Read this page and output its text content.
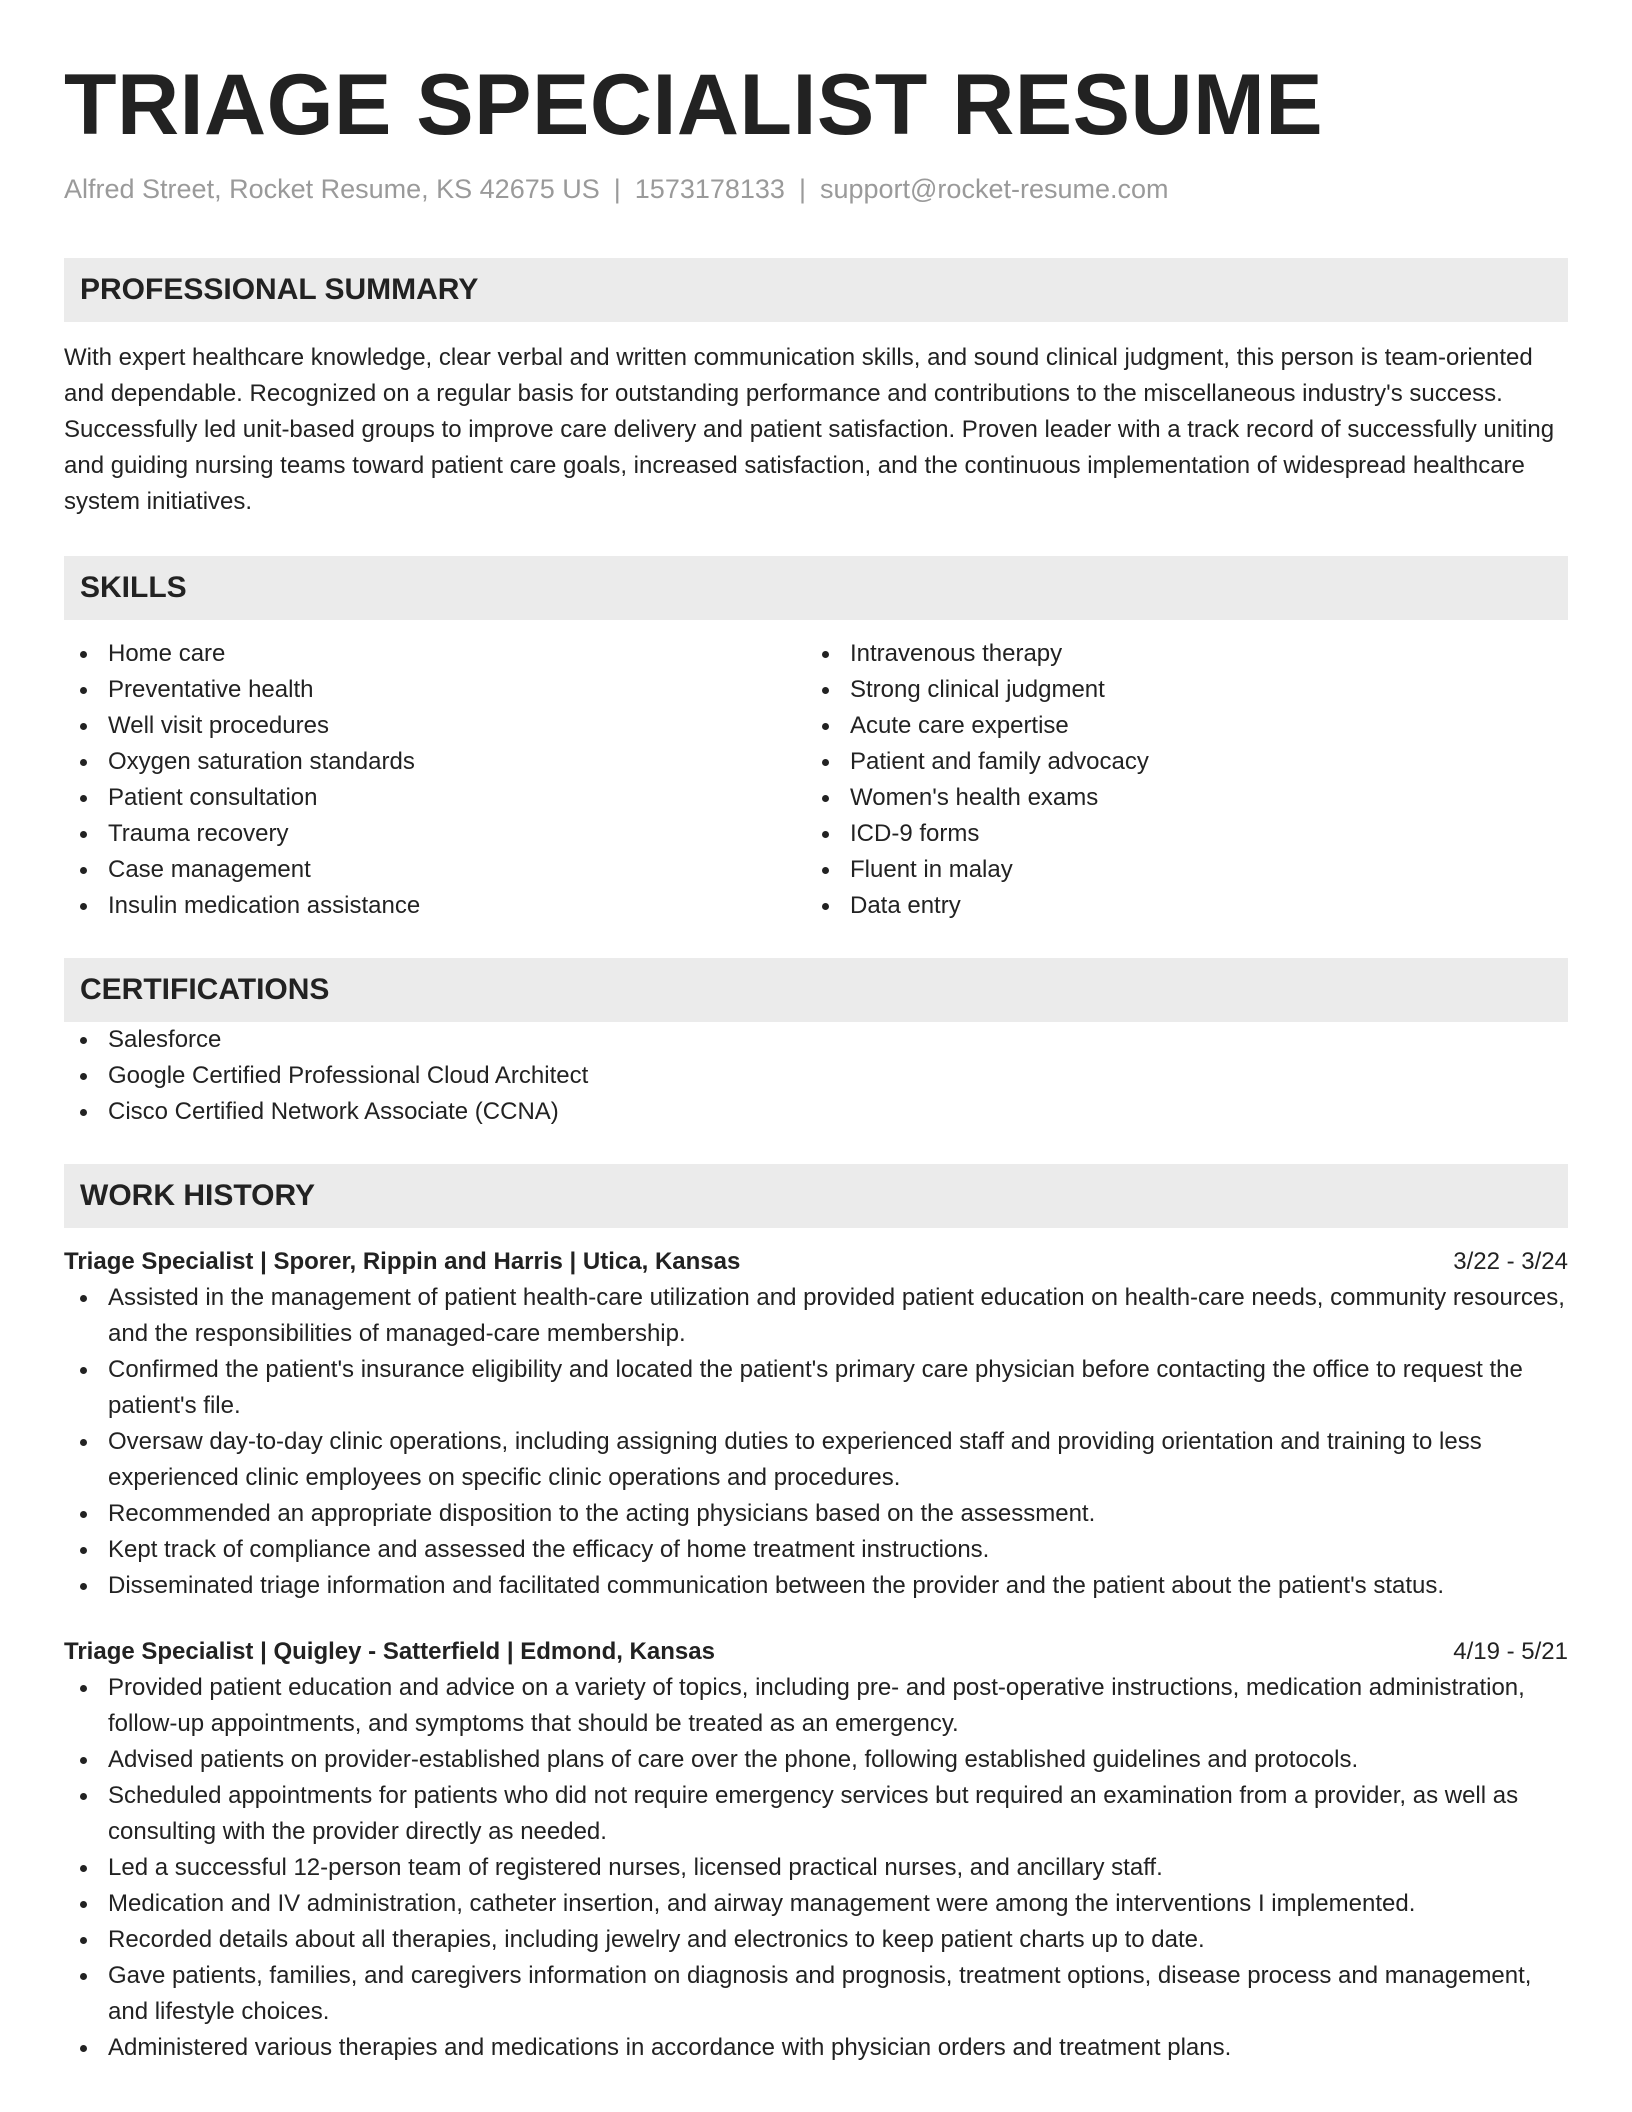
TRIAGE SPECIALIST RESUME
Alfred Street, Rocket Resume, KS 42675 US | 1573178133 | support@rocket-resume.com
PROFESSIONAL SUMMARY

With expert healthcare knowledge, clear verbal and written communication skills, and sound clinical judgment, this person is team-oriented and dependable. Recognized on a regular basis for outstanding performance and contributions to the miscellaneous industry's success. Successfully led unit-based groups to improve care delivery and patient satisfaction. Proven leader with a track record of successfully uniting and guiding nursing teams toward patient care goals, increased satisfaction, and the continuous implementation of widespread healthcare system initiatives.

SKILLS
Home care
Preventative health
Well visit procedures
Oxygen saturation standards
Patient consultation
Trauma recovery
Case management
Insulin medication assistance
Intravenous therapy
Strong clinical judgment
Acute care expertise
Patient and family advocacy
Women's health exams
ICD-9 forms
Fluent in malay
Data entry
CERTIFICATIONS
Salesforce
Google Certified Professional Cloud Architect
Cisco Certified Network Associate (CCNA)
WORK HISTORY
Triage Specialist | Sporer, Rippin and Harris | Utica, Kansas	3/22 - 3/24
Assisted in the management of patient health-care utilization and provided patient education on health-care needs, community resources, and the responsibilities of managed-care membership.
Confirmed the patient's insurance eligibility and located the patient's primary care physician before contacting the office to request the patient's file.
Oversaw day-to-day clinic operations, including assigning duties to experienced staff and providing orientation and training to less experienced clinic employees on specific clinic operations and procedures.
Recommended an appropriate disposition to the acting physicians based on the assessment.
Kept track of compliance and assessed the efficacy of home treatment instructions.
Disseminated triage information and facilitated communication between the provider and the patient about the patient's status.
Triage Specialist | Quigley - Satterfield | Edmond, Kansas	4/19 - 5/21
Provided patient education and advice on a variety of topics, including pre- and post-operative instructions, medication administration, follow-up appointments, and symptoms that should be treated as an emergency.
Advised patients on provider-established plans of care over the phone, following established guidelines and protocols.
Scheduled appointments for patients who did not require emergency services but required an examination from a provider, as well as consulting with the provider directly as needed.
Led a successful 12-person team of registered nurses, licensed practical nurses, and ancillary staff.
Medication and IV administration, catheter insertion, and airway management were among the interventions I implemented.
Recorded details about all therapies, including jewelry and electronics to keep patient charts up to date.
Gave patients, families, and caregivers information on diagnosis and prognosis, treatment options, disease process and management, and lifestyle choices.
Administered various therapies and medications in accordance with physician orders and treatment plans.
